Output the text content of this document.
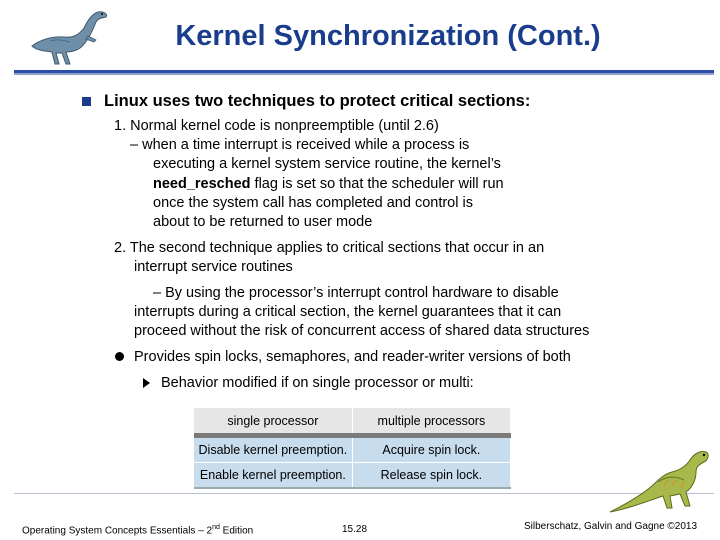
Kernel Synchronization (Cont.)
Linux uses two techniques to protect critical sections:
1. Normal kernel code is nonpreemptible (until 2.6)
– when a time interrupt is received while a process is
executing a kernel system service routine, the kernel’s
need_resched flag is set so that the scheduler will run
once the system call has completed and control is
about to be returned to user mode
2. The second technique applies to critical sections that occur in an
interrupt service routines
– By using the processor’s interrupt control hardware to disable
interrupts during a critical section, the kernel guarantees that it can
proceed without the risk of concurrent access of shared data structures
Provides spin locks, semaphores, and reader-writer versions of both
Behavior modified if on single processor or multi:
single processor	multiple processors
Disable kernel preemption.	Acquire spin lock.
Enable kernel preemption.	Release spin lock.
Operating System Concepts Essentials – 2nd Edition	15.28	Silberschatz, Galvin and Gagne ©2013
